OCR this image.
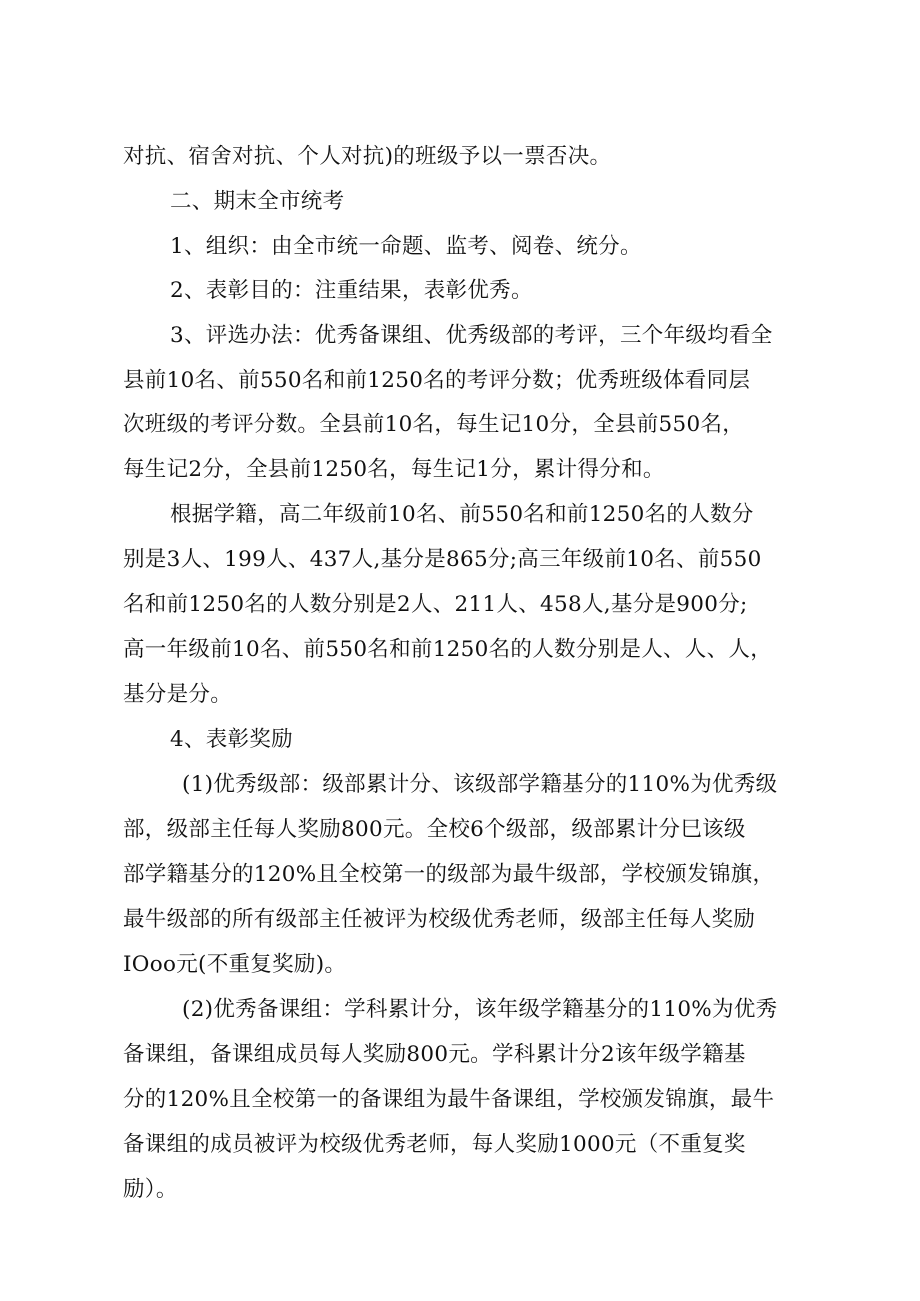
对抗、宿舍对抗、个人对抗)的班级予以一票否决。

二、期末全市统考

1、组织：由全市统一命题、监考、阅卷、统分。

2、表彰目的：注重结果，表彰优秀。

3、评选办法：优秀备课组、优秀级部的考评，三个年级均看全

县前10名、前550名和前1250名的考评分数；优秀班级体看同层

次班级的考评分数。全县前10名，每生记10分，全县前550名，

每生记2分，全县前1250名，每生记1分，累计得分和。

根据学籍，高二年级前10名、前550名和前1250名的人数分

别是3人、199人、437人,基分是865分;高三年级前10名、前550

名和前1250名的人数分别是2人、211人、458人,基分是900分;

高一年级前10名、前550名和前1250名的人数分别是人、人、人，

基分是分。

4、表彰奖励

(1)优秀级部：级部累计分、该级部学籍基分的110%为优秀级

部，级部主任每人奖励800元。全校6个级部，级部累计分巳该级

部学籍基分的120%且全校第一的级部为最牛级部，学校颁发锦旗，

最牛级部的所有级部主任被评为校级优秀老师，级部主任每人奖励

IOoo元(不重复奖励)。

(2)优秀备课组：学科累计分，该年级学籍基分的110%为优秀

备课组，备课组成员每人奖励800元。学科累计分2该年级学籍基

分的120%且全校第一的备课组为最牛备课组，学校颁发锦旗，最牛

备课组的成员被评为校级优秀老师，每人奖励1000元（不重复奖

励）。
